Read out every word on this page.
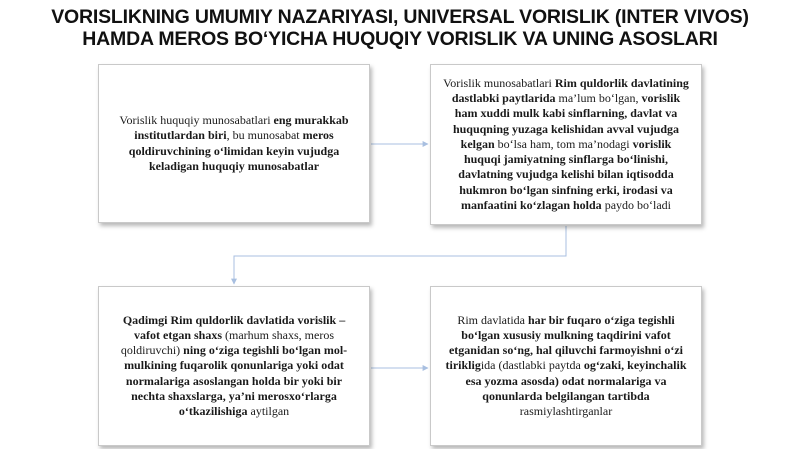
VORISLIKNING UMUMIY NAZARIYASI, UNIVERSAL VORISLIK (INTER VIVOS)
HAMDA MEROS BO‘YICHA HUQUQIY VORISLIK VA UNING ASOSLARI
Vorislik huquqiy munosabatlari eng murakkab institutlardan biri, bu munosabat meros qoldiruvchining o‘limidan keyin vujudga keladigan huquqiy munosabatlar
Vorislik munosabatlari Rim quldorlik davlatining dastlabki paytlarida ma’lum bo‘lgan, vorislik ham xuddi mulk kabi sinflarning, davlat va huquqning yuzaga kelishidan avval vujudga kelgan bo‘lsa ham, tom ma’nodagi vorislik huquqi jamiyatning sinflarga bo‘linishi, davlatning vujudga kelishi bilan iqtisodda hukmron bo‘lgan sinfning erki, irodasi va manfaatini ko‘zlagan holda paydo bo‘ladi
Qadimgi Rim quldorlik davlatida vorislik – vafot etgan shaxs (marhum shaxs, meros qoldiruvchi) ning o‘ziga tegishli bo‘lgan mol-mulkining fuqarolik qonunlariga yoki odat normalariga asoslangan holda bir yoki bir nechta shaxslarga, ya’ni merosxo‘rlarga o‘tkazilishiga aytilgan
Rim davlatida har bir fuqaro o‘ziga tegishli bo‘lgan xususiy mulkning taqdirini vafot etganidan so‘ng, hal qiluvchi farmoyishni o‘zi tirikligida (dastlabki paytda og‘zaki, keyinchalik esa yozma asosda) odat normalariga va qonunlarda belgilangan tartibda rasmiylashtirganlar
